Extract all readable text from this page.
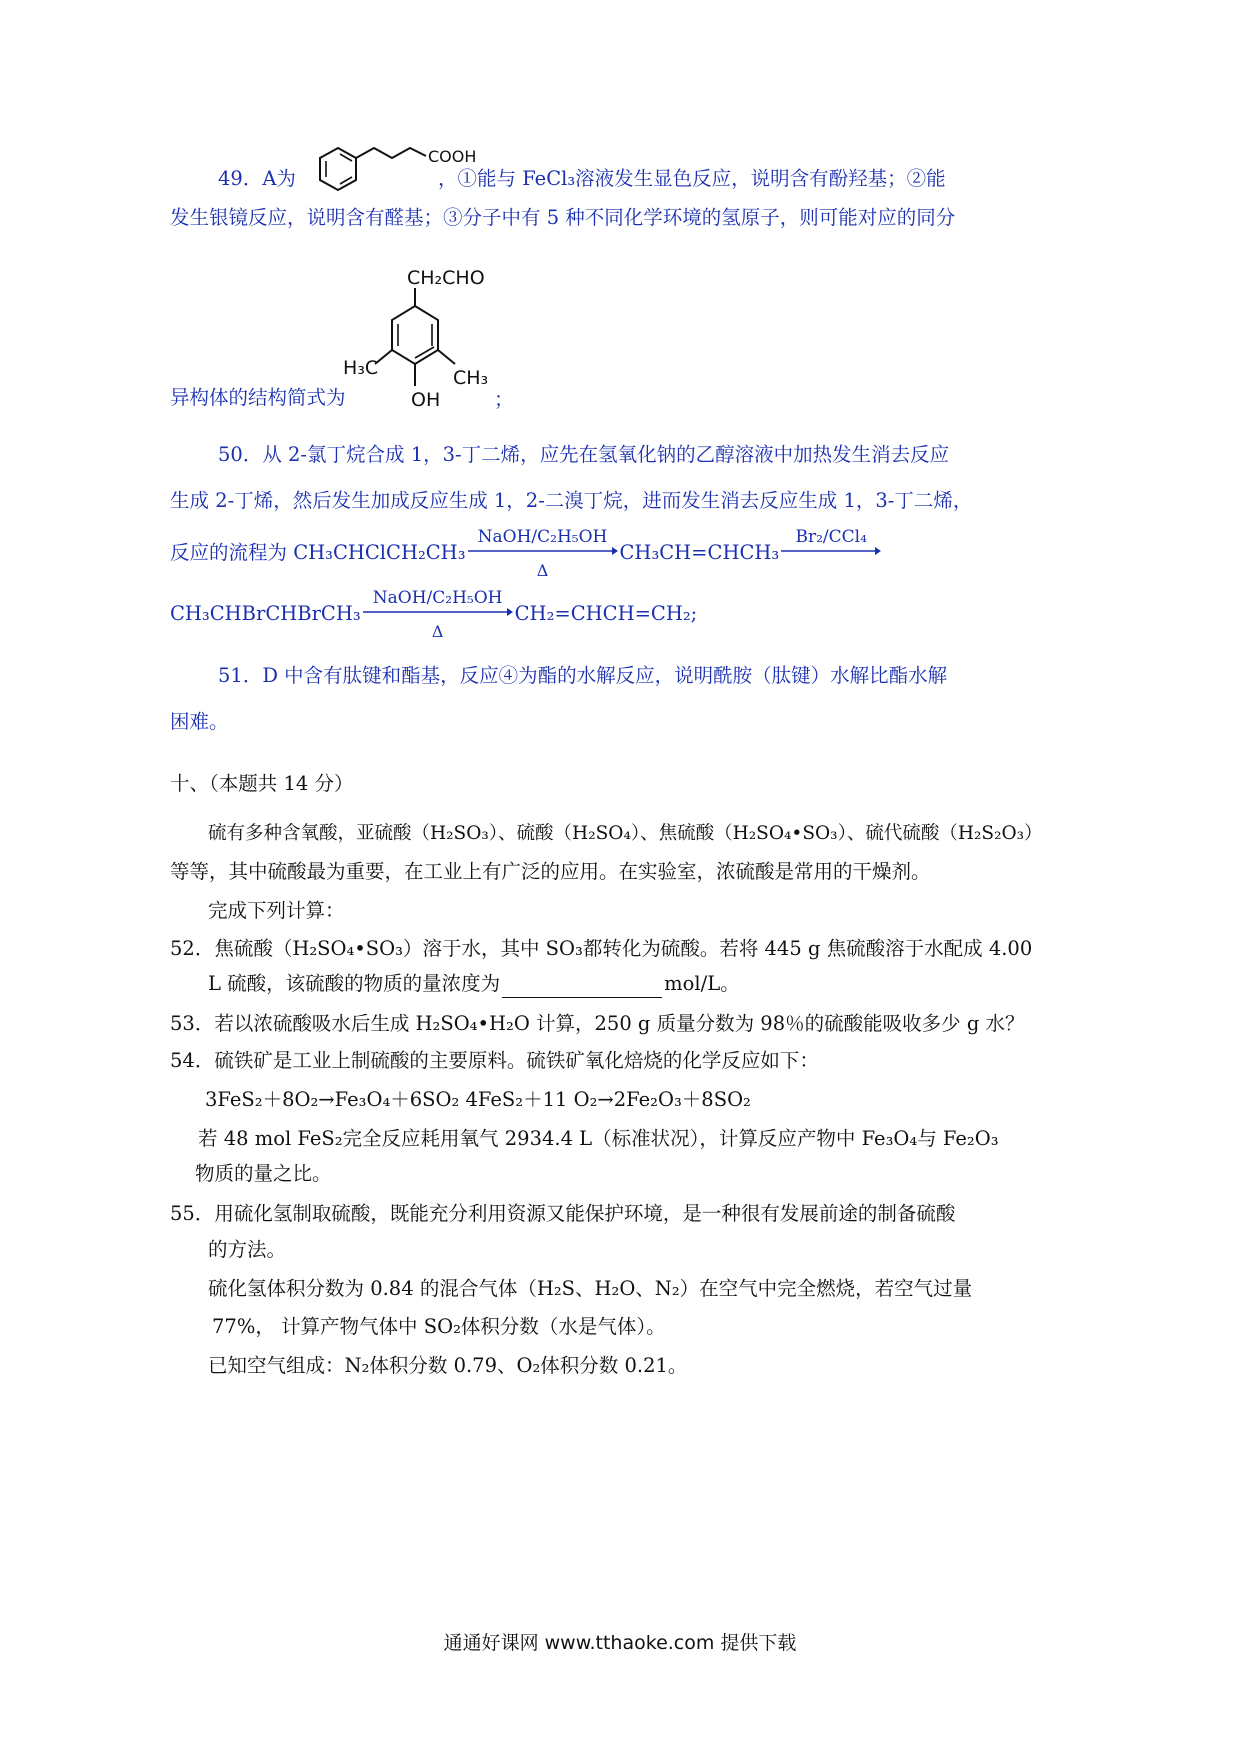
COOH
49．A为	，①能与 FeCl₃溶液发生显色反应，说明含有酚羟基；②能
发生银镜反应，说明含有醛基；③分子中有 5 种不同化学环境的氢原子，则可能对应的同分
CH₂CHO
H₃C	CH₃
OH
异构体的结构简式为	；
50．从 2-氯丁烷合成 1，3-丁二烯，应先在氢氧化钠的乙醇溶液中加热发生消去反应
生成 2-丁烯，然后发生加成反应生成 1，2-二溴丁烷，进而发生消去反应生成 1，3-丁二烯，
反应的流程为 CH₃CHClCH₂CH₃
NaOH/C₂H₅OH
Δ
CH₃CH=CHCH₃
Br₂/CCl₄
CH₃CHBrCHBrCH₃
NaOH/C₂H₅OH
Δ
CH₂=CHCH=CH₂;
51．D 中含有肽键和酯基，反应④为酯的水解反应，说明酰胺（肽键）水解比酯水解
困难。
十、（本题共 14 分）
硫有多种含氧酸，亚硫酸（H₂SO₃）、硫酸（H₂SO₄）、焦硫酸（H₂SO₄•SO₃）、硫代硫酸（H₂S₂O₃）
等等，其中硫酸最为重要，在工业上有广泛的应用。在实验室，浓硫酸是常用的干燥剂。
完成下列计算：
52．焦硫酸（H₂SO₄•SO₃）溶于水，其中 SO₃都转化为硫酸。若将 445 g 焦硫酸溶于水配成 4.00
L 硫酸，该硫酸的物质的量浓度为	mol/L。
53．若以浓硫酸吸水后生成 H₂SO₄•H₂O 计算，250 g 质量分数为 98％的硫酸能吸收多少 g 水？
54．硫铁矿是工业上制硫酸的主要原料。硫铁矿氧化焙烧的化学反应如下：
3FeS₂＋8O₂→Fe₃O₄＋6SO₂ 4FeS₂＋11 O₂→2Fe₂O₃＋8SO₂
若 48 mol FeS₂完全反应耗用氧气 2934.4 L（标准状况），计算反应产物中 Fe₃O₄与 Fe₂O₃
物质的量之比。
55．用硫化氢制取硫酸，既能充分利用资源又能保护环境，是一种很有发展前途的制备硫酸
的方法。
硫化氢体积分数为 0.84 的混合气体（H₂S、H₂O、N₂）在空气中完全燃烧，若空气过量
77%， 计算产物气体中 SO₂体积分数（水是气体）。
已知空气组成：N₂体积分数 0.79、O₂体积分数 0.21。
通通好课网 www.tthaoke.com 提供下载
